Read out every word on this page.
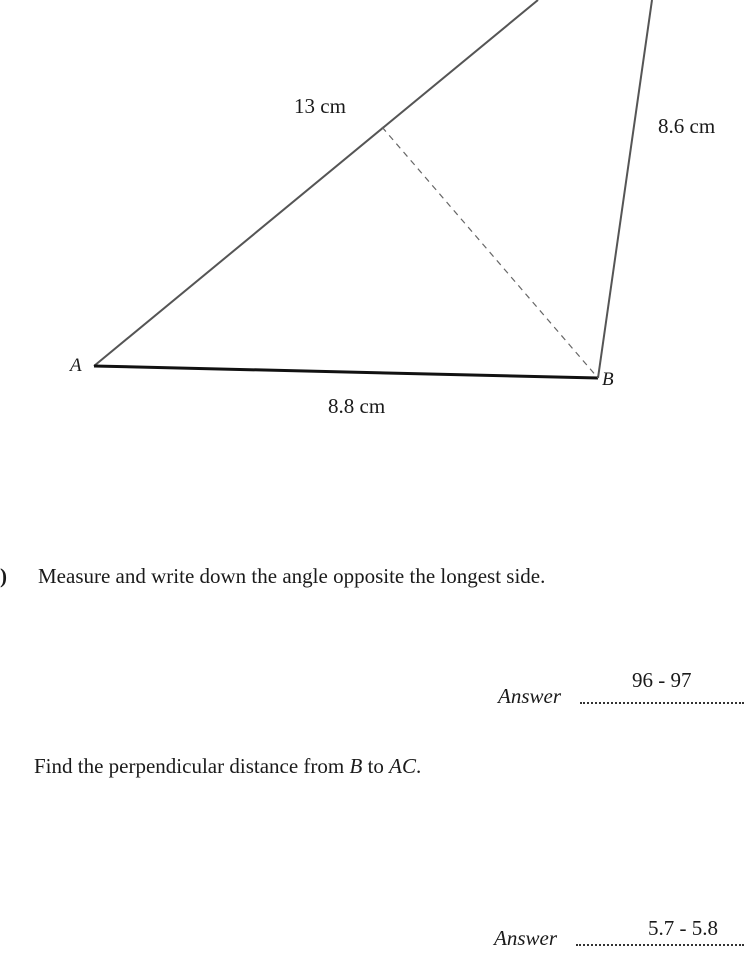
A
B
13 cm
8.6 cm
8.8 cm
) Measure and write down the angle opposite the longest side.
Answer
96 - 97
Find the perpendicular distance from B to AC.
Answer	5.7 - 5.8
